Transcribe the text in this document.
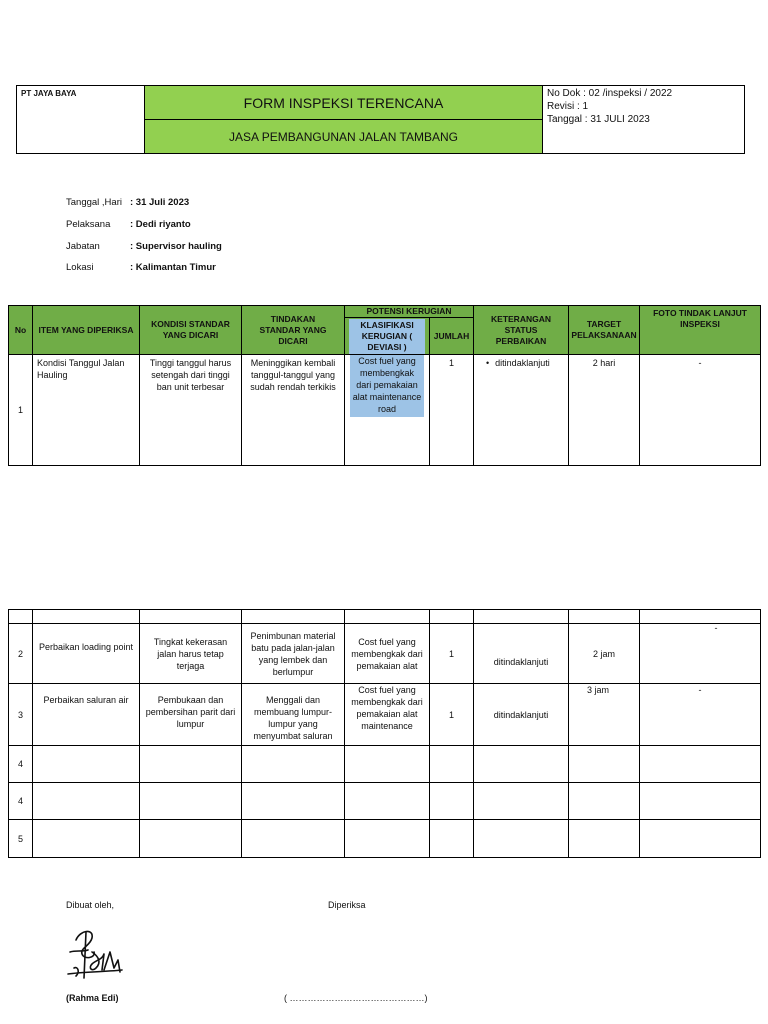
PT JAYA BAYA	FORM INSPEKSI TERENCANA	
No Dok : 02 /inspeksi / 2022
Revisi : 1
Tanggal : 31 JULI 2023

JASA PEMBANGUNAN JALAN TAMBANG
Tanggal ,Hari : 31 Juli 2023
Pelaksana : Dedi riyanto
Jabatan	: Supervisor hauling
Lokasi	: Kalimantan Timur
No	ITEM YANG DIPERIKSA	KONDISI STANDAR YANG DICARI	TINDAKAN STANDAR YANG DICARI	POTENSI KERUGIAN		KETERANGAN STATUS PERBAIKAN	TARGET PELAKSANAAN	FOTO TINDAK LANJUT INSPEKSI

				KLASIFIKASI KERUGIAN ( DEVIASI )	JUMLAH			
1	Kondisi Tanggul Jalan Hauling	Tinggi tanggul harus setengah dari tinggi ban unit terbesar	Meninggikan kembali tanggul-tanggul yang sudah rendah terkikis	Cost fuel yang membengkak dari pemakaian alat maintenance road	1	• ditindaklanjuti	2 hari	-

2	Perbaikan loading point	Tingkat kekerasan jalan harus tetap terjaga	Penimbunan material batu pada jalan-jalan yang lembek dan berlumpur	Cost fuel yang membengkak dari pemakaian alat	1	ditindaklanjuti	2 jam	-
3	Perbaikan saluran air	Pembukaan dan pembersihan parit dari lumpur	Menggali dan membuang lumpur-lumpur yang menyumbat saluran	Cost fuel yang membengkak dari pemakaian alat maintenance	1	ditindaklanjuti	3 jam	-
4								
4								
5								
Dibuat oleh,	Diperiksa
(Rahma Edi)	( ………………………………………)
